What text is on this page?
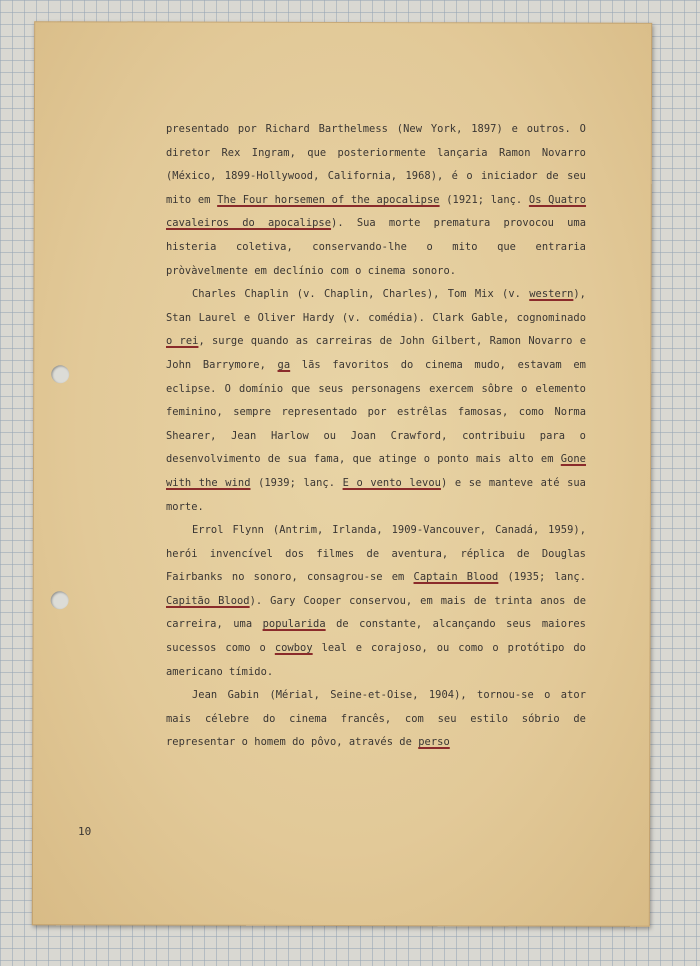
presentado por Richard Barthelmess (New York, 1897) e outros. O diretor Rex Ingram, que posteriormente lançaria Ramon Novarro (México, 1899-Hollywood, California, 1968), é o iniciador de seu mito em The Four horsemen of the apocalipse (1921; lanç. Os Quatro cavaleiros do apocalipse). Sua morte prematura provocou uma histeria coletiva, conservando-lhe o mito que entraria pròvàvelmente em declínio com o cinema sonoro.

Charles Chaplin (v. Chaplin, Charles), Tom Mix (v. western), Stan Laurel e Oliver Hardy (v. comédia). Clark Gable, cognominado o rei, surge quando as carreiras de John Gilbert, Ramon Novarro e John Barrymore, ga lãs favoritos do cinema mudo, estavam em eclipse. O domínio que seus personagens exercem sôbre o elemento feminino, sempre representado por estrêlas famosas, como Norma Shearer, Jean Harlow ou Joan Crawford, contribuiu para o desenvolvimento de sua fama, que atinge o ponto mais alto em Gone with the wind (1939; lanç. E o vento levou) e se manteve até sua morte.

Errol Flynn (Antrim, Irlanda, 1909-Vancouver, Canadá, 1959), herói invencível dos filmes de aventura, réplica de Douglas Fairbanks no sonoro, consagrou-se em Captain Blood (1935; lanç. Capitão Blood). Gary Cooper conservou, em mais de trinta anos de carreira, uma popularida de constante, alcançando seus maiores sucessos como o cowboy leal e corajoso, ou como o protótipo do americano tímido.

Jean Gabin (Mérial, Seine-et-Oise, 1904), tornou-se o ator mais célebre do cinema francês, com seu estilo sóbrio de representar o homem do pôvo, através de perso

10
